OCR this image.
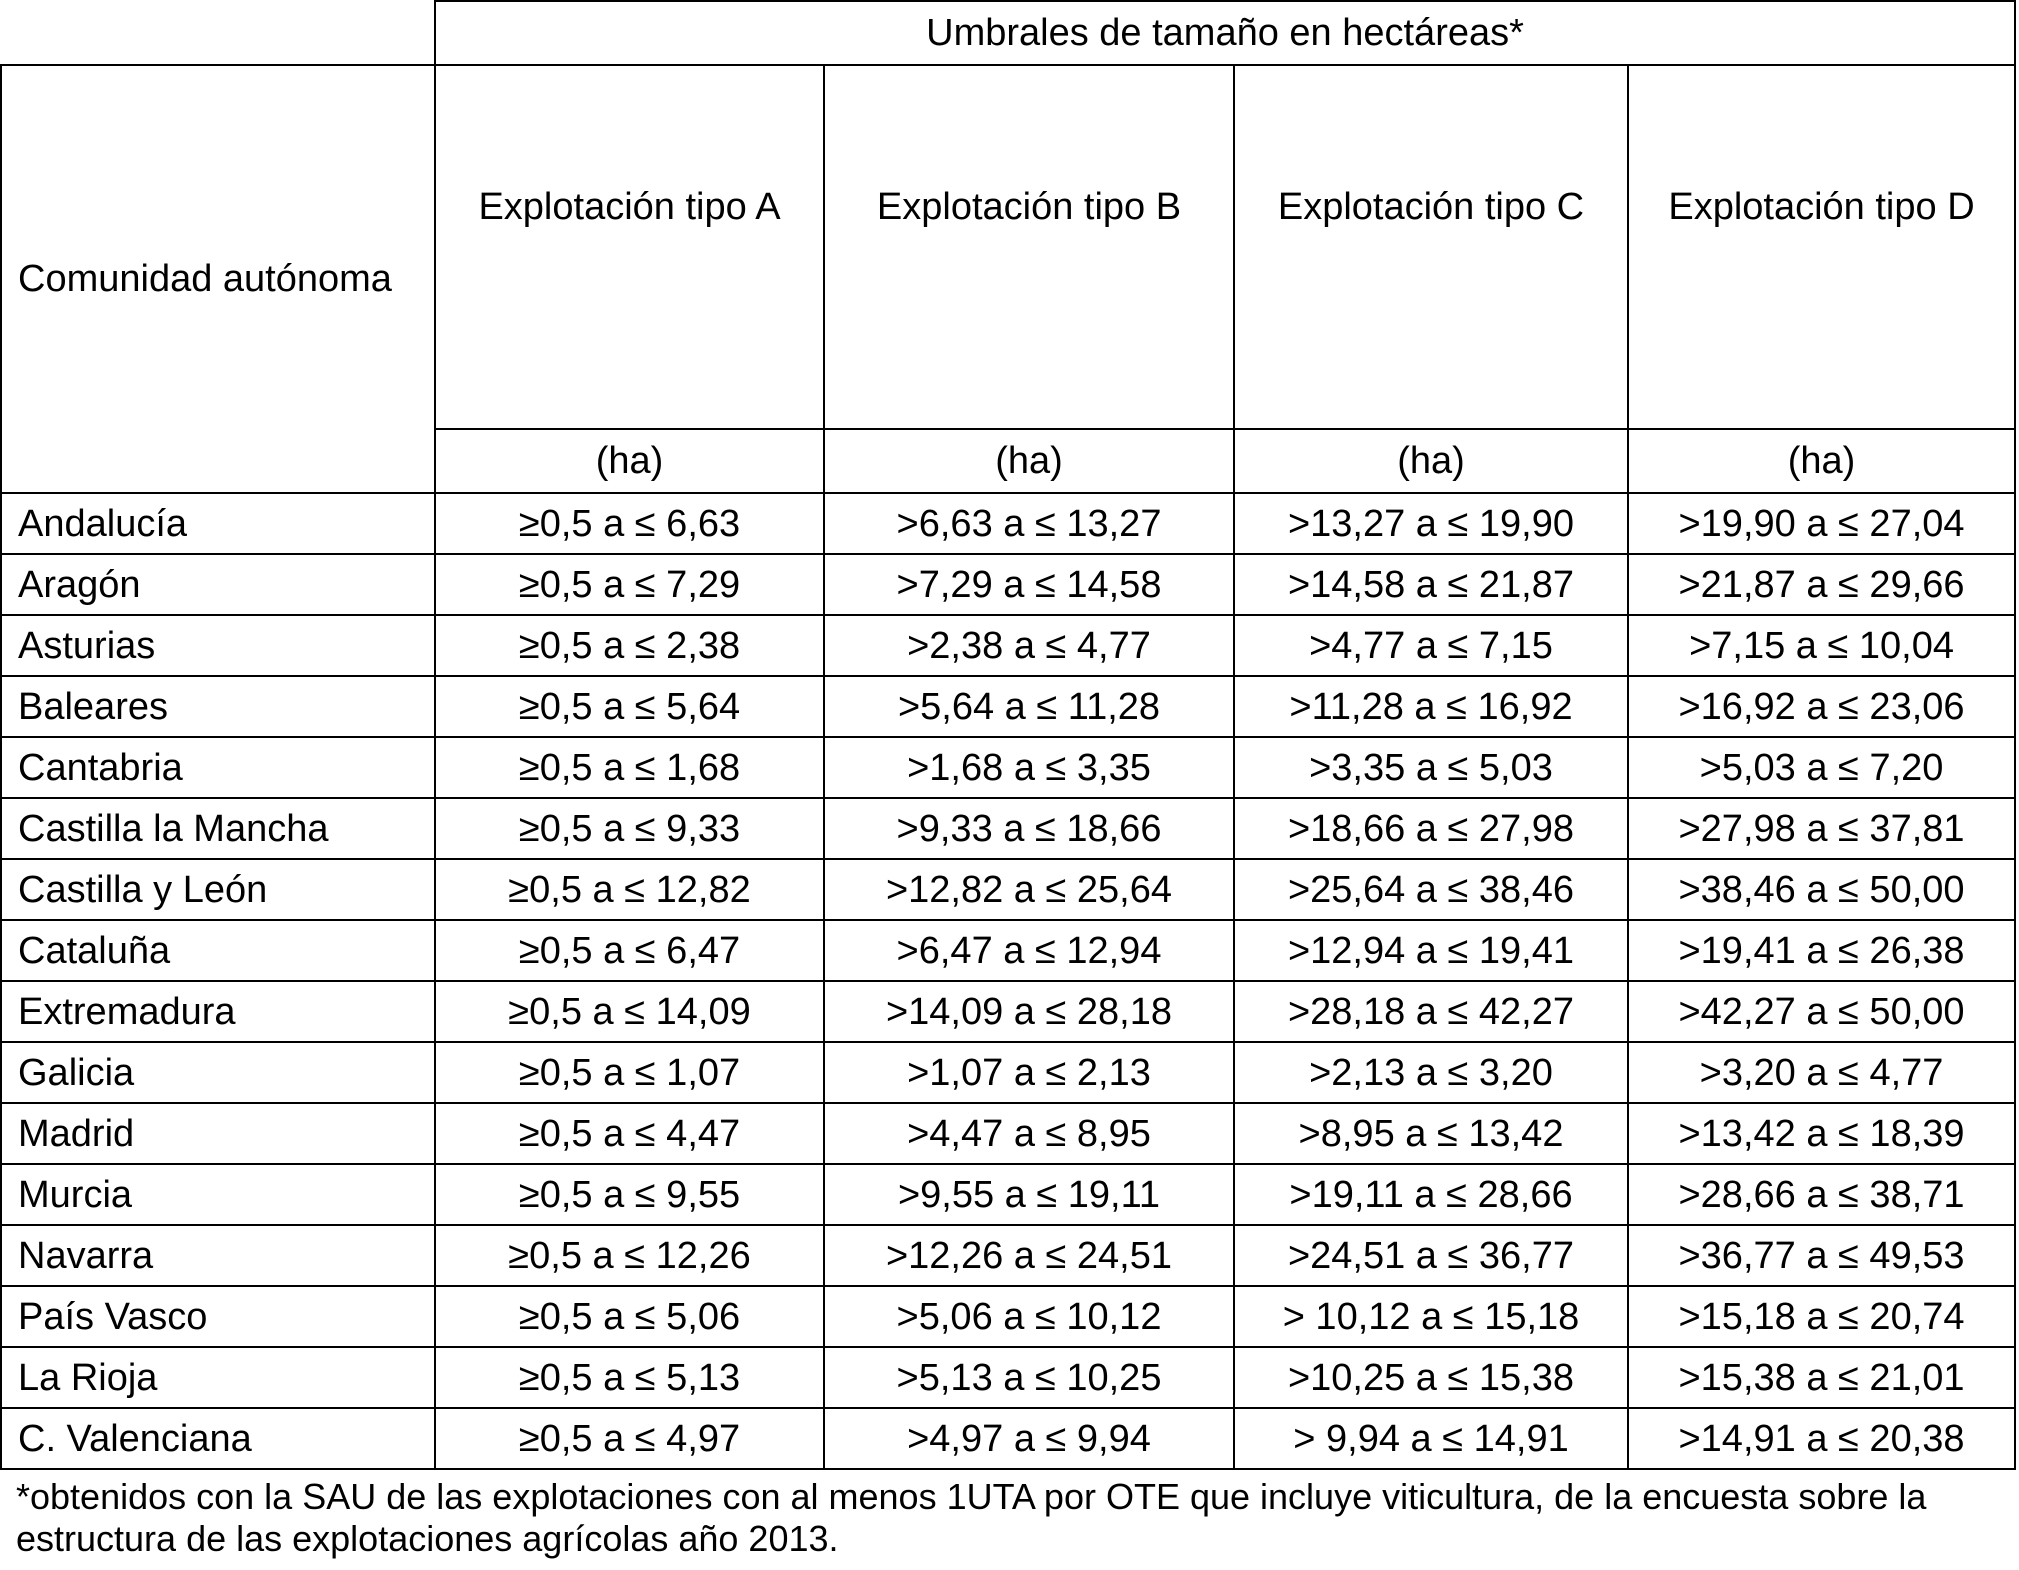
	Umbrales de tamaño en hectáreas*			
Comunidad autónoma	Explotación tipo A	Explotación tipo B	Explotación tipo C	Explotación tipo D
	(ha)	(ha)	(ha)	(ha)
Andalucía	≥0,5 a ≤ 6,63	>6,63 a ≤ 13,27	>13,27 a ≤ 19,90	>19,90 a ≤ 27,04
Aragón	≥0,5 a ≤ 7,29	>7,29 a ≤ 14,58	>14,58 a ≤ 21,87	>21,87 a ≤ 29,66
Asturias	≥0,5 a ≤ 2,38	>2,38 a ≤ 4,77	>4,77 a ≤ 7,15	>7,15 a ≤ 10,04
Baleares	≥0,5 a ≤ 5,64	>5,64 a ≤ 11,28	>11,28 a ≤ 16,92	>16,92 a ≤ 23,06
Cantabria	≥0,5 a ≤ 1,68	>1,68 a ≤ 3,35	>3,35 a ≤ 5,03	>5,03 a ≤ 7,20
Castilla la Mancha	≥0,5 a ≤ 9,33	>9,33 a ≤ 18,66	>18,66 a ≤ 27,98	>27,98 a ≤ 37,81
Castilla y León	≥0,5 a ≤ 12,82	>12,82 a ≤ 25,64	>25,64 a ≤ 38,46	>38,46 a ≤ 50,00
Cataluña	≥0,5 a ≤ 6,47	>6,47 a ≤ 12,94	>12,94 a ≤ 19,41	>19,41 a ≤ 26,38
Extremadura	≥0,5 a ≤ 14,09	>14,09 a ≤ 28,18	>28,18 a ≤ 42,27	>42,27 a ≤ 50,00
Galicia	≥0,5 a ≤ 1,07	>1,07 a ≤ 2,13	>2,13 a ≤ 3,20	>3,20 a ≤ 4,77
Madrid	≥0,5 a ≤ 4,47	>4,47 a ≤ 8,95	>8,95 a ≤ 13,42	>13,42 a ≤ 18,39
Murcia	≥0,5 a ≤ 9,55	>9,55 a ≤ 19,11	>19,11 a ≤ 28,66	>28,66 a ≤ 38,71
Navarra	≥0,5 a ≤ 12,26	>12,26 a ≤ 24,51	>24,51 a ≤ 36,77	>36,77 a ≤ 49,53
País Vasco	≥0,5 a ≤ 5,06	>5,06 a ≤ 10,12	> 10,12 a ≤ 15,18	>15,18 a ≤ 20,74
La Rioja	≥0,5 a ≤ 5,13	>5,13 a ≤ 10,25	>10,25 a ≤ 15,38	>15,38 a ≤ 21,01
C. Valenciana	≥0,5 a ≤ 4,97	>4,97 a ≤ 9,94	> 9,94 a ≤ 14,91	>14,91 a ≤ 20,38
*obtenidos con la SAU de las explotaciones con al menos 1UTA por OTE que incluye viticultura, de la encuesta sobre la estructura de las explotaciones agrícolas año 2013.
